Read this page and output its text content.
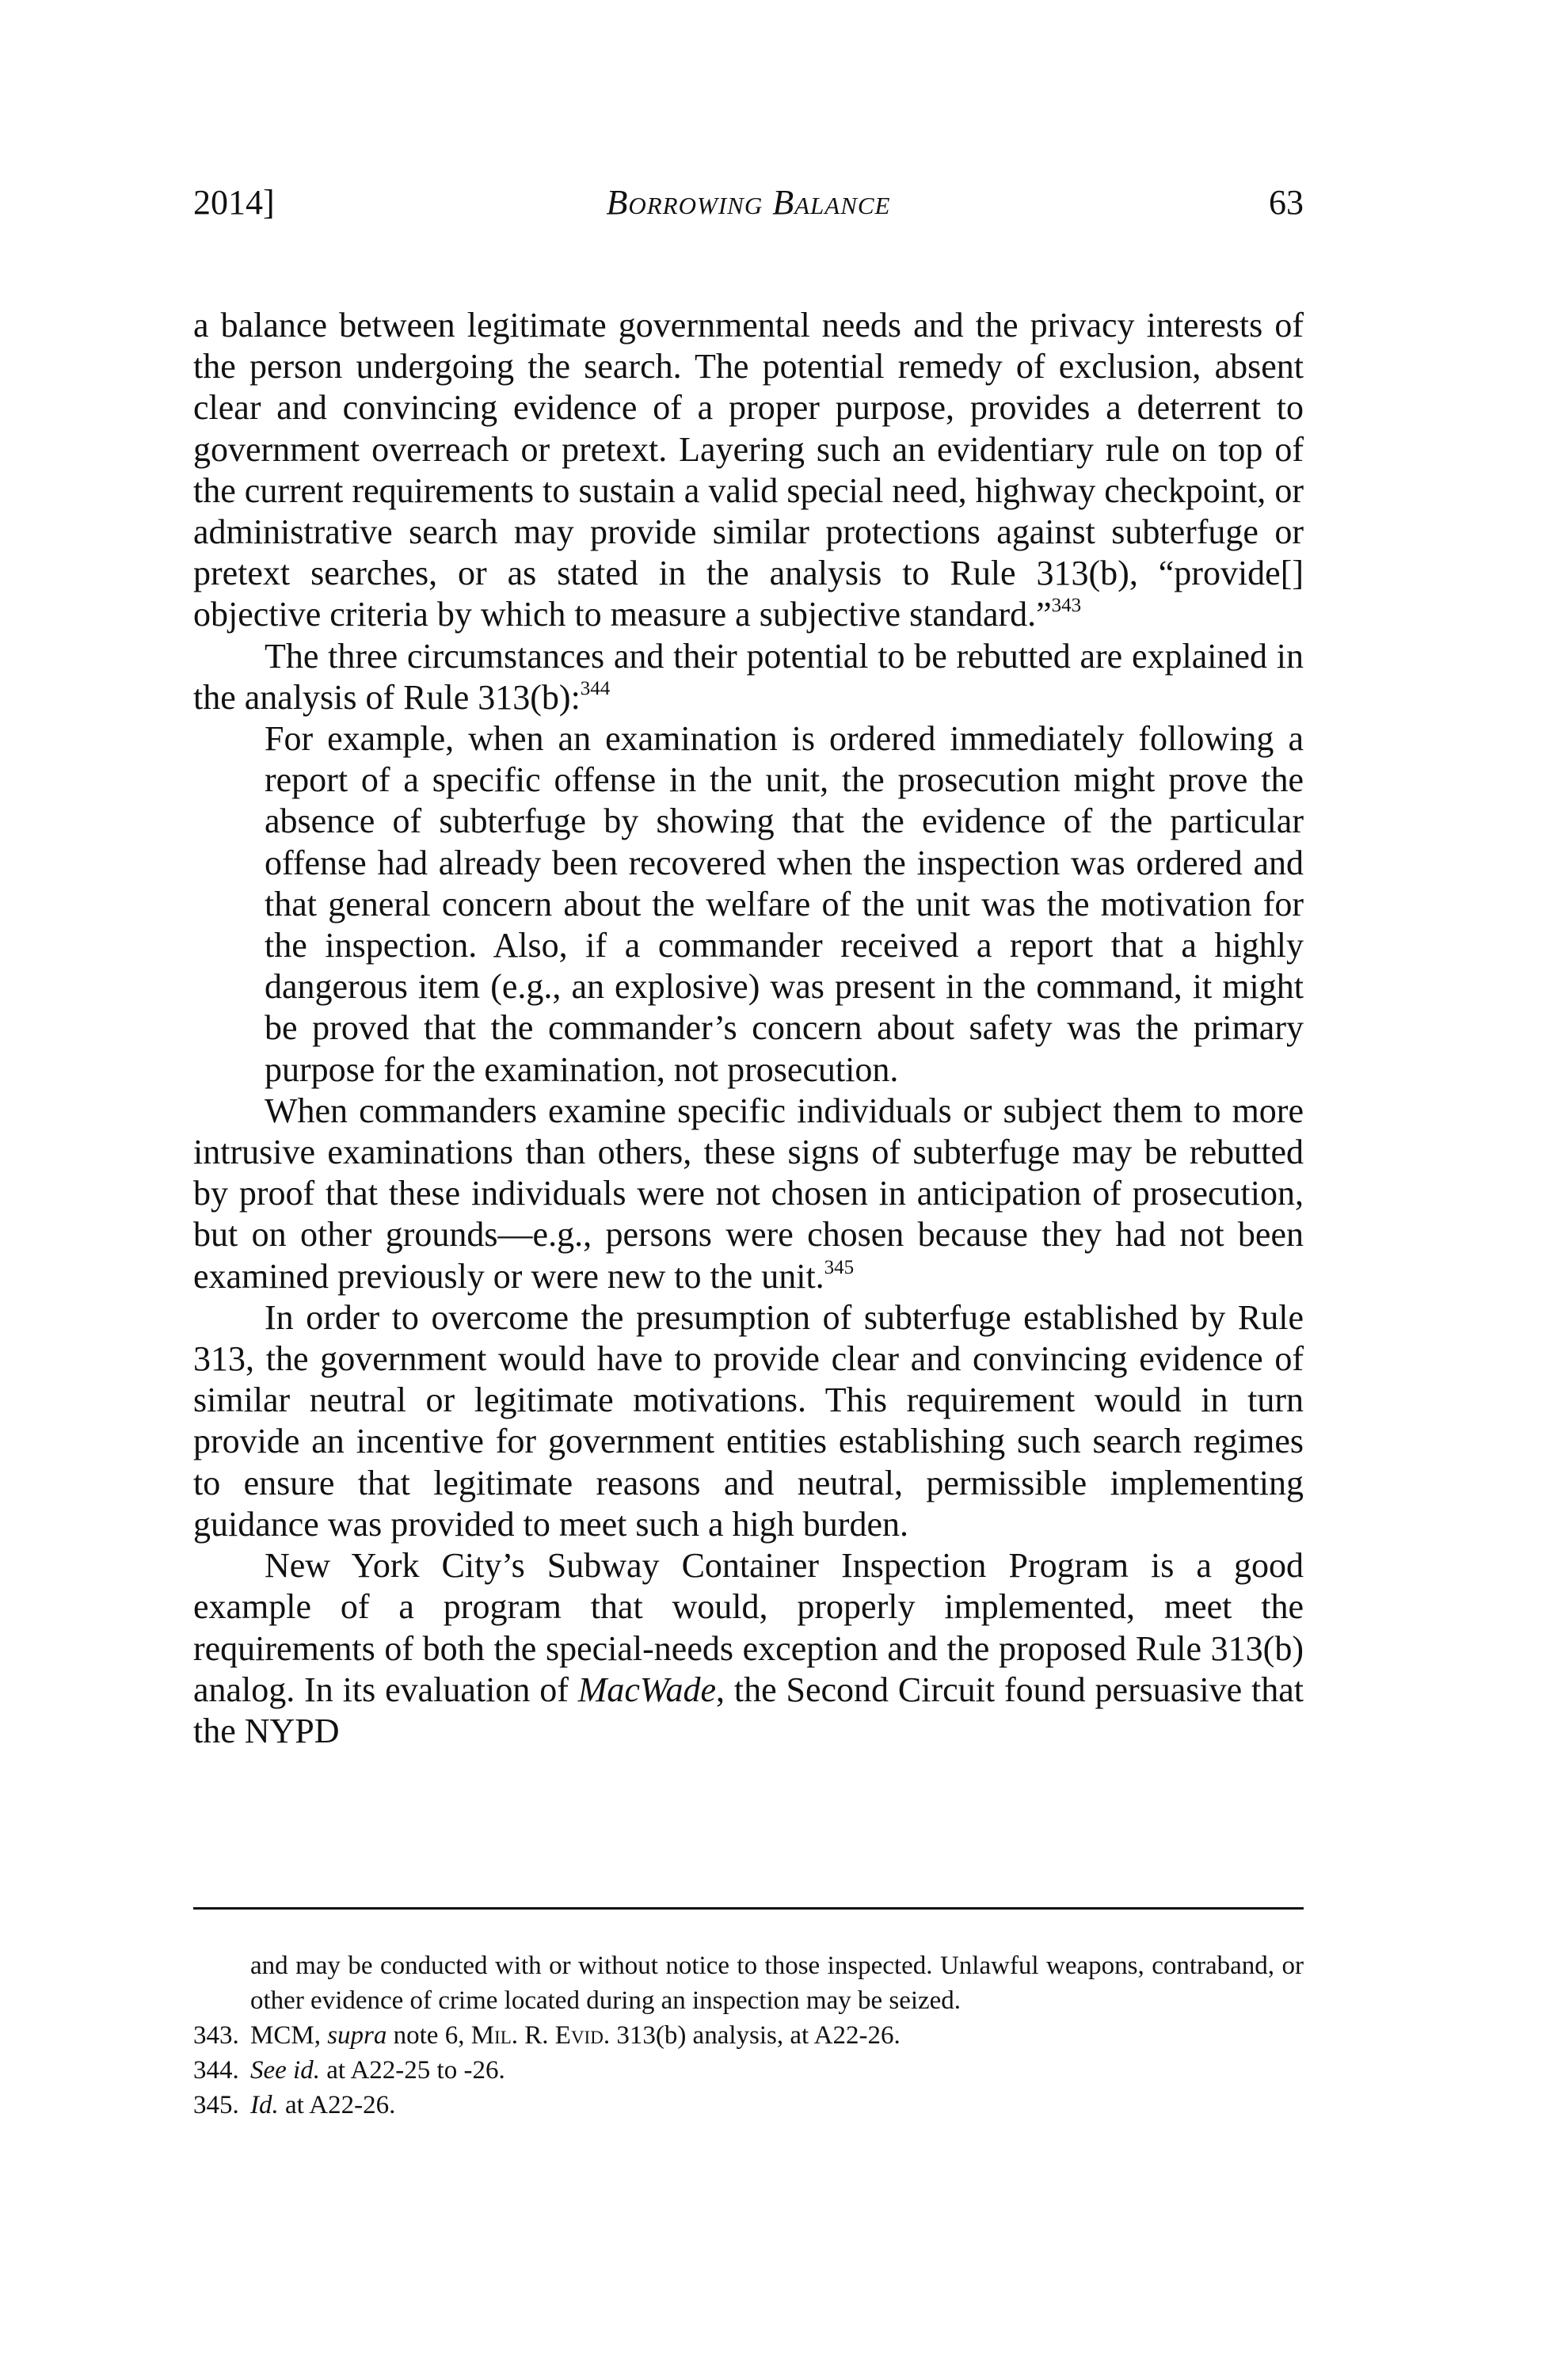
2014]	Borrowing Balance	63

a balance between legitimate governmental needs and the privacy interests of the person undergoing the search. The potential remedy of exclusion, absent clear and convincing evidence of a proper purpose, provides a deterrent to government overreach or pretext. Layering such an evidentiary rule on top of the current requirements to sustain a valid special need, highway checkpoint, or administrative search may provide similar protections against subterfuge or pretext searches, or as stated in the analysis to Rule 313(b), “provide[] objective criteria by which to measure a subjective standard.”$^{343}$

The three circumstances and their potential to be rebutted are explained in the analysis of Rule 313(b):$^{344}$

For example, when an examination is ordered immediately following a report of a specific offense in the unit, the prosecution might prove the absence of subterfuge by showing that the evidence of the particular offense had already been recovered when the inspection was ordered and that general concern about the welfare of the unit was the motivation for the inspection. Also, if a commander received a report that a highly dangerous item (e.g., an explosive) was present in the command, it might be proved that the commander’s concern about safety was the primary purpose for the examination, not prosecution.

When commanders examine specific individuals or subject them to more intrusive examinations than others, these signs of subterfuge may be rebutted by proof that these individuals were not chosen in anticipation of prosecution, but on other grounds—e.g., persons were chosen because they had not been examined previously or were new to the unit.$^{345}$

In order to overcome the presumption of subterfuge established by Rule 313, the government would have to provide clear and convincing evidence of similar neutral or legitimate motivations. This requirement would in turn provide an incentive for government entities establishing such search regimes to ensure that legitimate reasons and neutral, permissible implementing guidance was provided to meet such a high burden.

New York City’s Subway Container Inspection Program is a good example of a program that would, properly implemented, meet the requirements of both the special-needs exception and the proposed Rule 313(b) analog. In its evaluation of MacWade, the Second Circuit found persuasive that the NYPD

and may be conducted with or without notice to those inspected. Unlawful weapons, contraband, or other evidence of crime located during an inspection may be seized.

343. MCM, supra note 6, Mil. R. Evid. 313(b) analysis, at A22-26.
344. See id. at A22-25 to -26.
345. Id. at A22-26.
